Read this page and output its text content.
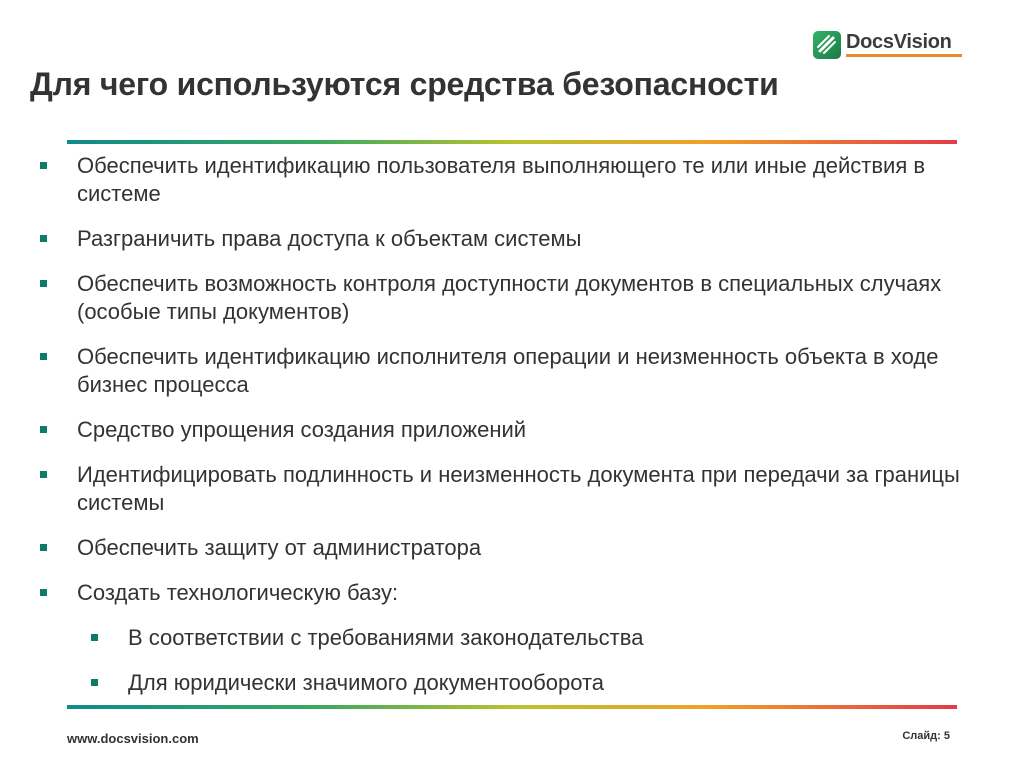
DocsVision
Для чего используются средства безопасности
Обеспечить идентификацию пользователя выполняющего те или иные действия в системе
Разграничить права доступа к объектам системы
Обеспечить возможность контроля доступности документов в специальных случаях (особые типы документов)
Обеспечить идентификацию исполнителя операции и неизменность объекта в ходе бизнес процесса
Средство упрощения создания приложений
Идентифицировать подлинность и неизменность документа при передачи за границы системы
Обеспечить защиту от администратора
Создать технологическую базу:
В соответствии с требованиями законодательства
Для юридически значимого документооборота
www.docsvision.com	Слайд: 5
